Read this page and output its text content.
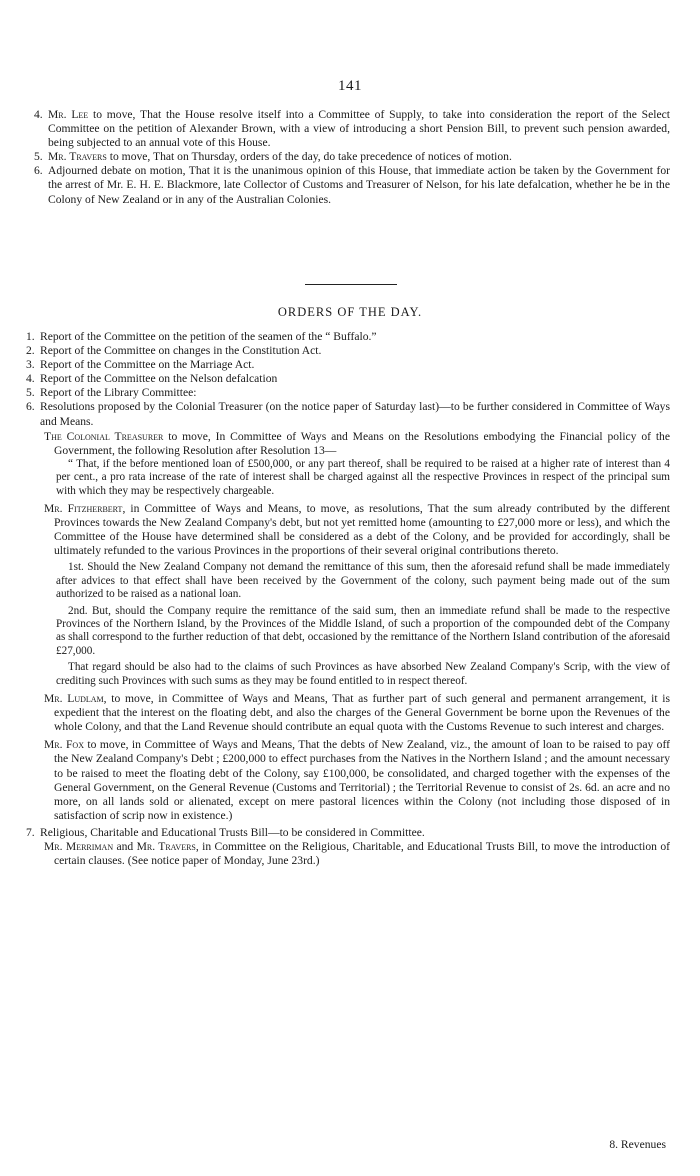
141
4. Mr. Lee to move, That the House resolve itself into a Committee of Supply, to take into consideration the report of the Select Committee on the petition of Alexander Brown, with a view of introducing a short Pension Bill, to prevent such pension awarded, being subjected to an annual vote of this House.
5. Mr. Travers to move, That on Thursday, orders of the day, do take precedence of notices of motion.
6. Adjourned debate on motion, That it is the unanimous opinion of this House, that immediate action be taken by the Government for the arrest of Mr. E. H. E. Blackmore, late Collector of Customs and Treasurer of Nelson, for his late defalcation, whether he be in the Colony of New Zealand or in any of the Australian Colonies.
ORDERS OF THE DAY.
1. Report of the Committee on the petition of the seamen of the “ Buffalo.”
2. Report of the Committee on changes in the Constitution Act.
3. Report of the Committee on the Marriage Act.
4. Report of the Committee on the Nelson defalcation
5. Report of the Library Committee:
6. Resolutions proposed by the Colonial Treasurer (on the notice paper of Saturday last)—to be further considered in Committee of Ways and Means.
The Colonial Treasurer to move, In Committee of Ways and Means on the Resolutions embodying the Financial policy of the Government, the following Resolution after Resolution 13—
“ That, if the before mentioned loan of £500,000, or any part thereof, shall be required to be raised at a higher rate of interest than 4 per cent., a pro rata increase of the rate of interest shall be charged against all the respective Provinces in respect of the principal sum with which they may be respectively chargeable.
Mr. Fitzherbert, in Committee of Ways and Means, to move, as resolutions, That the sum already contributed by the different Provinces towards the New Zealand Company's debt, but not yet remitted home (amounting to £27,000 more or less), and which the Committee of the House have determined shall be considered as a debt of the Colony, and be provided for accordingly, shall be ultimately refunded to the various Provinces in the proportions of their several original contributions thereto.
1st. Should the New Zealand Company not demand the remittance of this sum, then the aforesaid refund shall be made immediately after advices to that effect shall have been received by the Government of the colony, such payment being made out of the sum authorized to be raised as a national loan.
2nd. But, should the Company require the remittance of the said sum, then an immediate refund shall be made to the respective Provinces of the Northern Island, by the Provinces of the Middle Island, of such a proportion of the compounded debt of the Company as shall correspond to the further reduction of that debt, occasioned by the remittance of the Northern Island contribution of the aforesaid £27,000.
That regard should be also had to the claims of such Provinces as have absorbed New Zealand Company's Scrip, with the view of crediting such Provinces with such sums as they may be found entitled to in respect thereof.
Mr. Ludlam, to move, in Committee of Ways and Means, That as further part of such general and permanent arrangement, it is expedient that the interest on the floating debt, and also the charges of the General Government be borne upon the Revenues of the whole Colony, and that the Land Revenue should contribute an equal quota with the Customs Revenue to such interest and charges.
Mr. Fox to move, in Committee of Ways and Means, That the debts of New Zealand, viz., the amount of loan to be raised to pay off the New Zealand Company's Debt ; £200,000 to effect purchases from the Natives in the Northern Island ; and the amount necessary to be raised to meet the floating debt of the Colony, say £100,000, be consolidated, and charged together with the expenses of the General Government, on the General Revenue (Customs and Territorial) ; the Territorial Revenue to consist of 2s. 6d. an acre and no more, on all lands sold or alienated, except on mere pastoral licences within the Colony (not including those disposed of in satisfaction of scrip now in existence.)
7. Religious, Charitable and Educational Trusts Bill—to be considered in Committee.
Mr. Merriman and Mr. Travers, in Committee on the Religious, Charitable, and Educational Trusts Bill, to move the introduction of certain clauses. (See notice paper of Monday, June 23rd.)
8. Revenues
